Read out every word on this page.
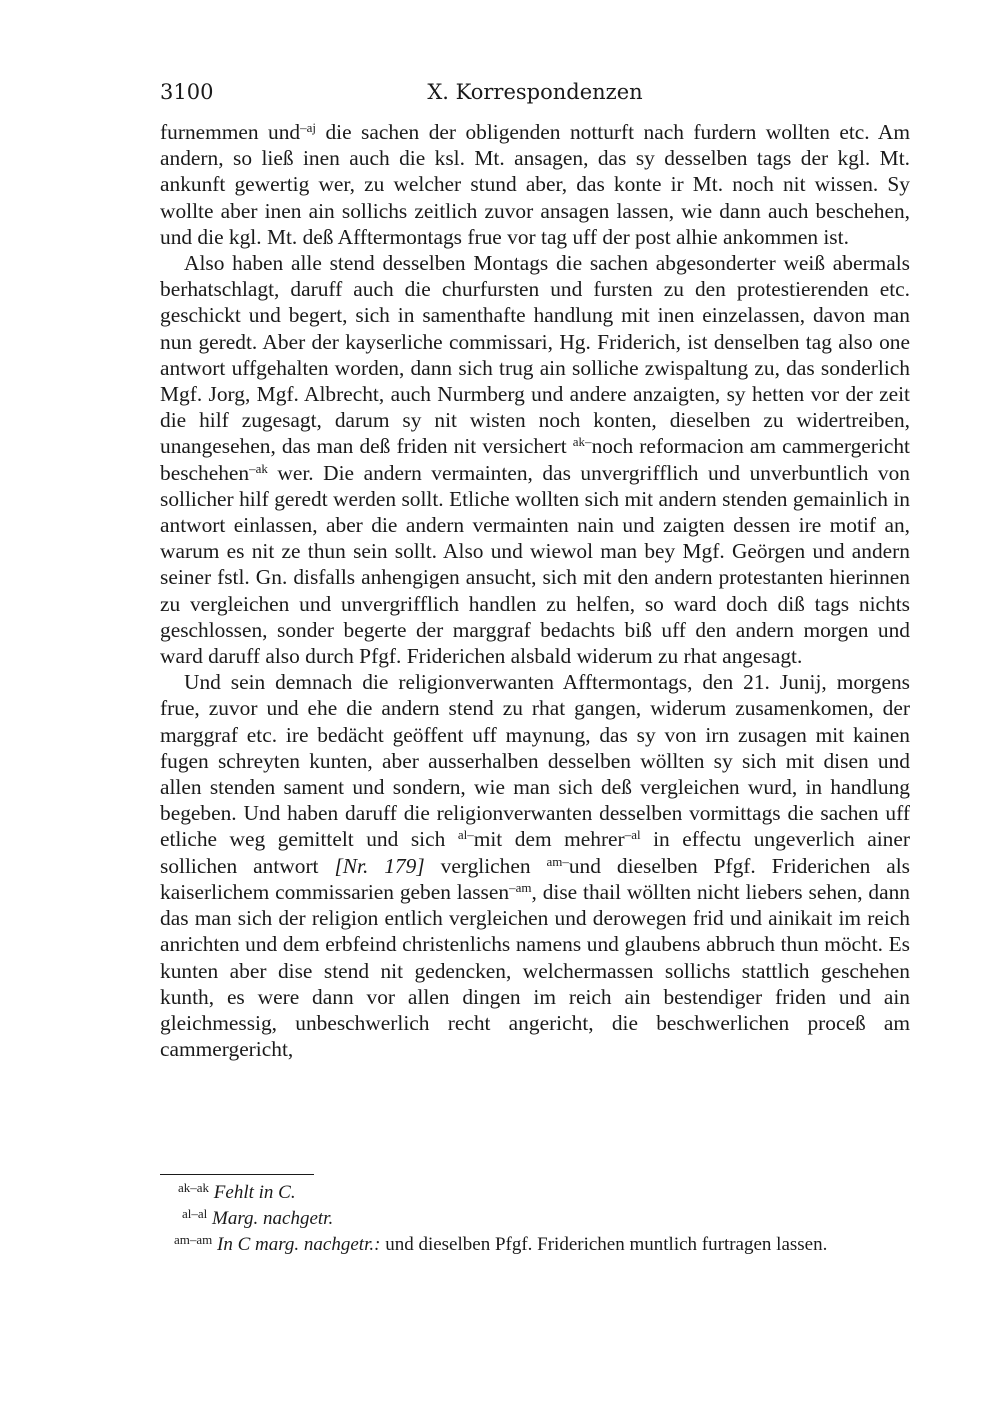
3100	X. Korrespondenzen

furnemmen und$^{-aj}$ die sachen der obligenden notturft nach furdern wollten etc. Am andern, so ließ inen auch die ksl. Mt. ansagen, das sy desselben tags der kgl. Mt. ankunft gewertig wer, zu welcher stund aber, das konte ir Mt. noch nit wissen. Sy wollte aber inen ain sollichs zeitlich zuvor ansagen lassen, wie dann auch beschehen, und die kgl. Mt. deß Afftermontags frue vor tag uff der post alhie ankommen ist.

Also haben alle stend desselben Montags die sachen abgesonderter weiß abermals berhatschlagt, daruff auch die churfursten und fursten zu den protestierenden etc. geschickt und begert, sich in samenthafte handlung mit inen einzelassen, davon man nun geredt. Aber der kayserliche commissari, Hg. Friderich, ist denselben tag also one antwort uffgehalten worden, dann sich trug ain solliche zwispaltung zu, das sonderlich Mgf. Jorg, Mgf. Albrecht, auch Nurmberg und andere anzaigten, sy hetten vor der zeit die hilf zugesagt, darum sy nit wisten noch konten, dieselben zu widertreiben, unangesehen, das man deß friden nit versichert $^{ak-}$noch reformacion am cammergericht beschehen$^{-ak}$ wer. Die andern vermainten, das unvergrifflich und unverbuntlich von sollicher hilf geredt werden sollt. Etliche wollten sich mit andern stenden gemainlich in antwort einlassen, aber die andern vermainten nain und zaigten dessen ire motif an, warum es nit ze thun sein sollt. Also und wiewol man bey Mgf. Geörgen und andern seiner fstl. Gn. disfalls anhengigen ansucht, sich mit den andern protestanten hierinnen zu vergleichen und unvergrifflich handlen zu helfen, so ward doch diß tags nichts geschlossen, sonder begerte der marggraf bedachts biß uff den andern morgen und ward daruff also durch Pfgf. Friderichen alsbald widerum zu rhat angesagt.

Und sein demnach die religionverwanten Afftermontags, den 21. Junij, morgens frue, zuvor und ehe die andern stend zu rhat gangen, widerum zusamenkomen, der marggraf etc. ire bedächt geöffent uff maynung, das sy von irn zusagen mit kainen fugen schreyten kunten, aber ausserhalben desselben wöllten sy sich mit disen und allen stenden sament und sondern, wie man sich deß vergleichen wurd, in handlung begeben. Und haben daruff die religionverwanten desselben vormittags die sachen uff etliche weg gemittelt und sich $^{al-}$mit dem mehrer$^{-al}$ in effectu ungeverlich ainer sollichen antwort [Nr. 179] verglichen $^{am-}$und dieselben Pfgf. Friderichen als kaiserlichem commissarien geben lassen$^{-am}$, dise thail wöllten nicht liebers sehen, dann das man sich der religion entlich vergleichen und derowegen frid und ainikait im reich anrichten und dem erbfeind christenlichs namens und glaubens abbruch thun möcht. Es kunten aber dise stend nit gedencken, welchermassen sollichs stattlich geschehen kunth, es were dann vor allen dingen im reich ain bestendiger friden und ain gleichmessig, unbeschwerlich recht angericht, die beschwerlichen proceß am cammergericht,

$^{ak-ak}$ Fehlt in C.
$^{al-al}$ Marg. nachgetr.
$^{am-am}$ In C marg. nachgetr.: und dieselben Pfgf. Friderichen muntlich furtragen lassen.
